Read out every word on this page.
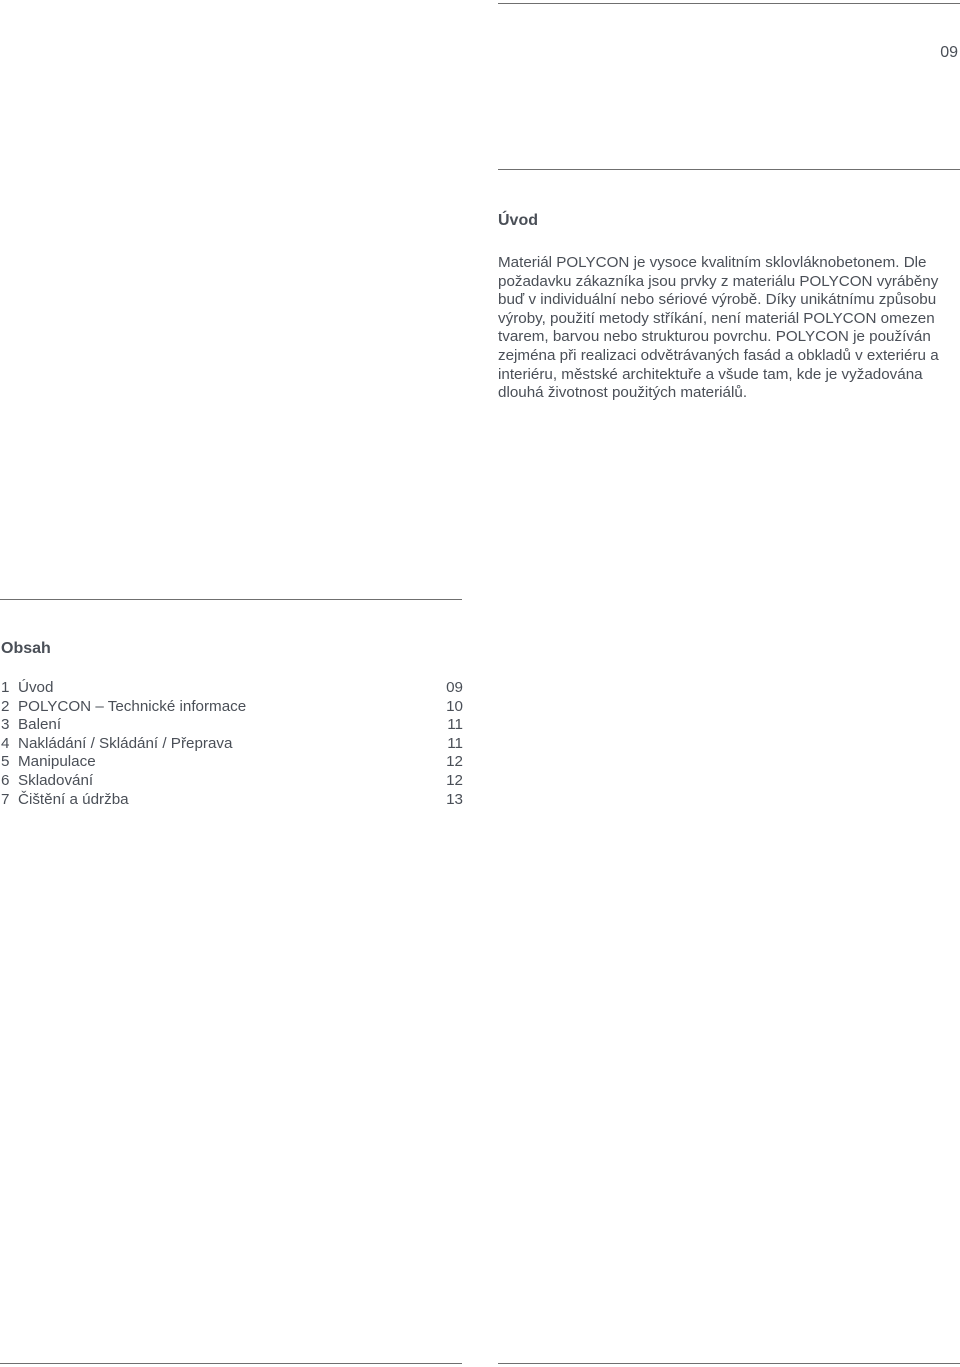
09
Úvod

Materiál POLYCON je vysoce kvalitním sklovláknobetonem. Dle požadavku zákazníka jsou prvky z materiálu POLYCON vyráběny buď v individuální nebo sériové výrobě. Díky unikátnímu způsobu výroby, použití metody stříkání, není materiál POLYCON omezen tvarem, barvou nebo strukturou povrchu. POLYCON je používán zejména při realizaci odvětrávaných fasád a obkladů v exteriéru a interiéru, městské architektuře a všude tam, kde je vyžadována dlouhá životnost použitých materiálů.

Obsah
1 Úvod	09
2 POLYCON – Technické informace	10
3 Balení	11
4 Nakládání / Skládání / Přeprava	11
5 Manipulace	12
6 Skladování	12
7 Čištění a údržba	13
